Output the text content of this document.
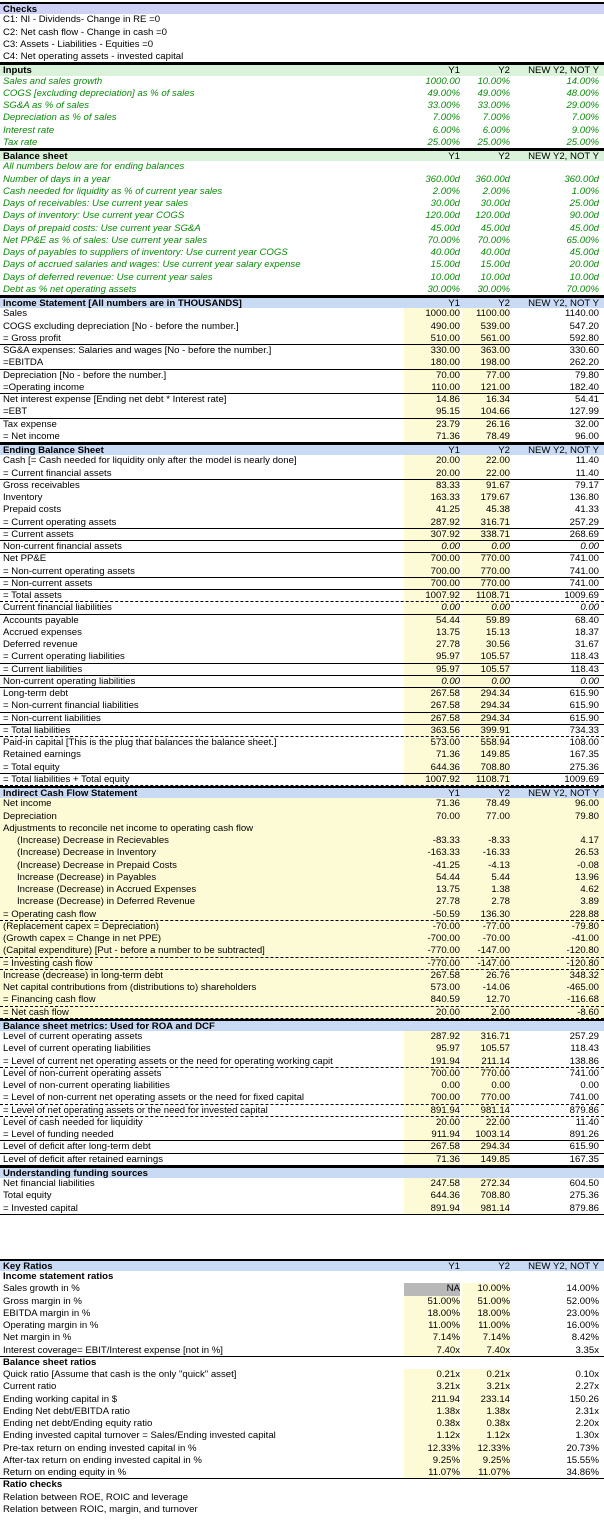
Checks
C1: NI - Dividends- Change in RE =0
C2: Net cash flow - Change in cash =0
C3: Assets - Liabilities - Equities =0
C4: Net operating assets - invested capital
Inputs	Y1	Y2	NEW Y2, NOT Y
Sales and sales growth	1000.00	10.00%	14.00%
COGS [excluding depreciation] as % of sales	49.00%	49.00%	48.00%
SG&A as % of sales	33.00%	33.00%	29.00%
Depreciation as % of sales	7.00%	7.00%	7.00%
Interest rate	6.00%	6.00%	9.00%
Tax rate	25.00%	25.00%	25.00%
Balance sheet	Y1	Y2	NEW Y2, NOT Y
All numbers below are for ending balances
Number of days in a year	360.00d	360.00d	360.00d
Cash needed for liquidity as % of current year sales	2.00%	2.00%	1.00%
Days of receivables: Use current year sales	30.00d	30.00d	25.00d
Days of inventory: Use current year COGS	120.00d	120.00d	90.00d
Days of prepaid costs: Use current year SG&A	45.00d	45.00d	45.00d
Net PP&E as % of sales: Use current year sales	70.00%	70.00%	65.00%
Days of payables to suppliers of inventory: Use current year COGS	40.00d	40.00d	45.00d
Days of accrued salaries and wages: Use current year salary expense	15.00d	15.00d	20.00d
Days of deferred revenue: Use current year sales	10.00d	10.00d	10.00d
Debt as % net operating assets	30.00%	30.00%	70.00%
Income Statement [All numbers are in THOUSANDS]	Y1	Y2	NEW Y2, NOT Y
Sales	1000.00	1100.00	1140.00
COGS excluding depreciation [No - before the number.]	490.00	539.00	547.20
= Gross profit	510.00	561.00	592.80
SG&A expenses: Salaries and wages [No - before the number.]	330.00	363.00	330.60
=EBITDA	180.00	198.00	262.20
Depreciation [No - before the number.]	70.00	77.00	79.80
=Operating income	110.00	121.00	182.40
Net interest expense [Ending net debt * Interest rate]	14.86	16.34	54.41
=EBT	95.15	104.66	127.99
Tax expense	23.79	26.16	32.00
= Net income	71.36	78.49	96.00
Ending Balance Sheet	Y1	Y2	NEW Y2, NOT Y
Cash [= Cash needed for liquidity only after the model is nearly done]	20.00	22.00	11.40
= Current financial assets	20.00	22.00	11.40
Gross receivables	83.33	91.67	79.17
Inventory	163.33	179.67	136.80
Prepaid costs	41.25	45.38	41.33
= Current operating assets	287.92	316.71	257.29
= Current assets	307.92	338.71	268.69
Non-current financial assets	0.00	0.00	0.00
Net PP&E	700.00	770.00	741.00
= Non-current operating assets	700.00	770.00	741.00
= Non-current assets	700.00	770.00	741.00
= Total assets	1007.92	1108.71	1009.69
Current financial liabilities	0.00	0.00	0.00
Accounts payable	54.44	59.89	68.40
Accrued expenses	13.75	15.13	18.37
Deferred revenue	27.78	30.56	31.67
= Current operating liabilities	95.97	105.57	118.43
= Current liabilities	95.97	105.57	118.43
Non-current operating liabilities	0.00	0.00	0.00
Long-term debt	267.58	294.34	615.90
= Non-current financial liabilities	267.58	294.34	615.90
= Non-current liabilities	267.58	294.34	615.90
= Total liabilities	363.56	399.91	734.33
Paid-in capital [This is the plug that balances the balance sheet.]	573.00	558.94	108.00
Retained earnings	71.36	149.85	167.35
= Total equity	644.36	708.80	275.36
= Total liabilities + Total equity	1007.92	1108.71	1009.69
Indirect Cash Flow Statement	Y1	Y2	NEW Y2, NOT Y
Net income	71.36	78.49	96.00
Depreciation	70.00	77.00	79.80
Adjustments to reconcile net income to operating cash flow
(Increase) Decrease in Recievables	-83.33	-8.33	4.17
(Increase) Decrease in Inventory	-163.33	-16.33	26.53
(Increase) Decrease in Prepaid Costs	-41.25	-4.13	-0.08
Increase (Decrease) in Payables	54.44	5.44	13.96
Increase (Decrease) in Accrued Expenses	13.75	1.38	4.62
Increase (Decrease) in Deferred Revenue	27.78	2.78	3.89
= Operating cash flow	-50.59	136.30	228.88
(Replacement capex = Depreciation)	-70.00	-77.00	-79.80
(Growth capex = Change in net PPE)	-700.00	-70.00	-41.00
(Capital expenditure) [Put - before a number to be subtracted]	-770.00	-147.00	-120.80
= Investing cash flow	-770.00	-147.00	-120.80
Increase (decrease) in long-term debt	267.58	26.76	348.32
Net capital contributions from (distributions to) shareholders	573.00	-14.06	-465.00
= Financing cash flow	840.59	12.70	-116.68
= Net cash flow	20.00	2.00	-8.60
Balance sheet metrics: Used for ROA and DCF
Level of current operating assets	287.92	316.71	257.29
Level of current operating liabilities	95.97	105.57	118.43
= Level of current net operating assets or the need for operating working capit	191.94	211.14	138.86
Level of non-current operating assets	700.00	770.00	741.00
Level of non-current operating liabilities	0.00	0.00	0.00
= Level of non-current net operating assets or the need for fixed capital	700.00	770.00	741.00
= Level of net operating assets or the need for invested capital	891.94	981.14	879.86
Level of cash needed for liquidity	20.00	22.00	11.40
= Level of funding needed	911.94	1003.14	891.26
Level of deficit after long-term debt	267.58	294.34	615.90
Level of deficit after retained earnings	71.36	149.85	167.35
Understanding funding sources
Net financial liabilities	247.58	272.34	604.50
Total equity	644.36	708.80	275.36
= Invested capital	891.94	981.14	879.86
Key Ratios	Y1	Y2	NEW Y2, NOT Y
Income statement ratios
Sales growth in %	NA	10.00%	14.00%
Gross margin in %	51.00%	51.00%	52.00%
EBITDA margin in %	18.00%	18.00%	23.00%
Operating margin in %	11.00%	11.00%	16.00%
Net margin in %	7.14%	7.14%	8.42%
Interest coverage= EBIT/Interest expense [not in %]	7.40x	7.40x	3.35x
Balance sheet ratios
Quick ratio [Assume that cash is the only "quick" asset]	0.21x	0.21x	0.10x
Current ratio	3.21x	3.21x	2.27x
Ending working capital in $	211.94	233.14	150.26
Ending Net debt/EBITDA ratio	1.38x	1.38x	2.31x
Ending net debt/Ending equity ratio	0.38x	0.38x	2.20x
Ending invested capital turnover = Sales/Ending invested capital	1.12x	1.12x	1.30x
Pre-tax return on ending invested capital in %	12.33%	12.33%	20.73%
After-tax return on ending invested capital in %	9.25%	9.25%	15.55%
Return on ending equity in %	11.07%	11.07%	34.86%
Ratio checks
Relation between ROE, ROIC and leverage
Relation between ROIC, margin, and turnover
